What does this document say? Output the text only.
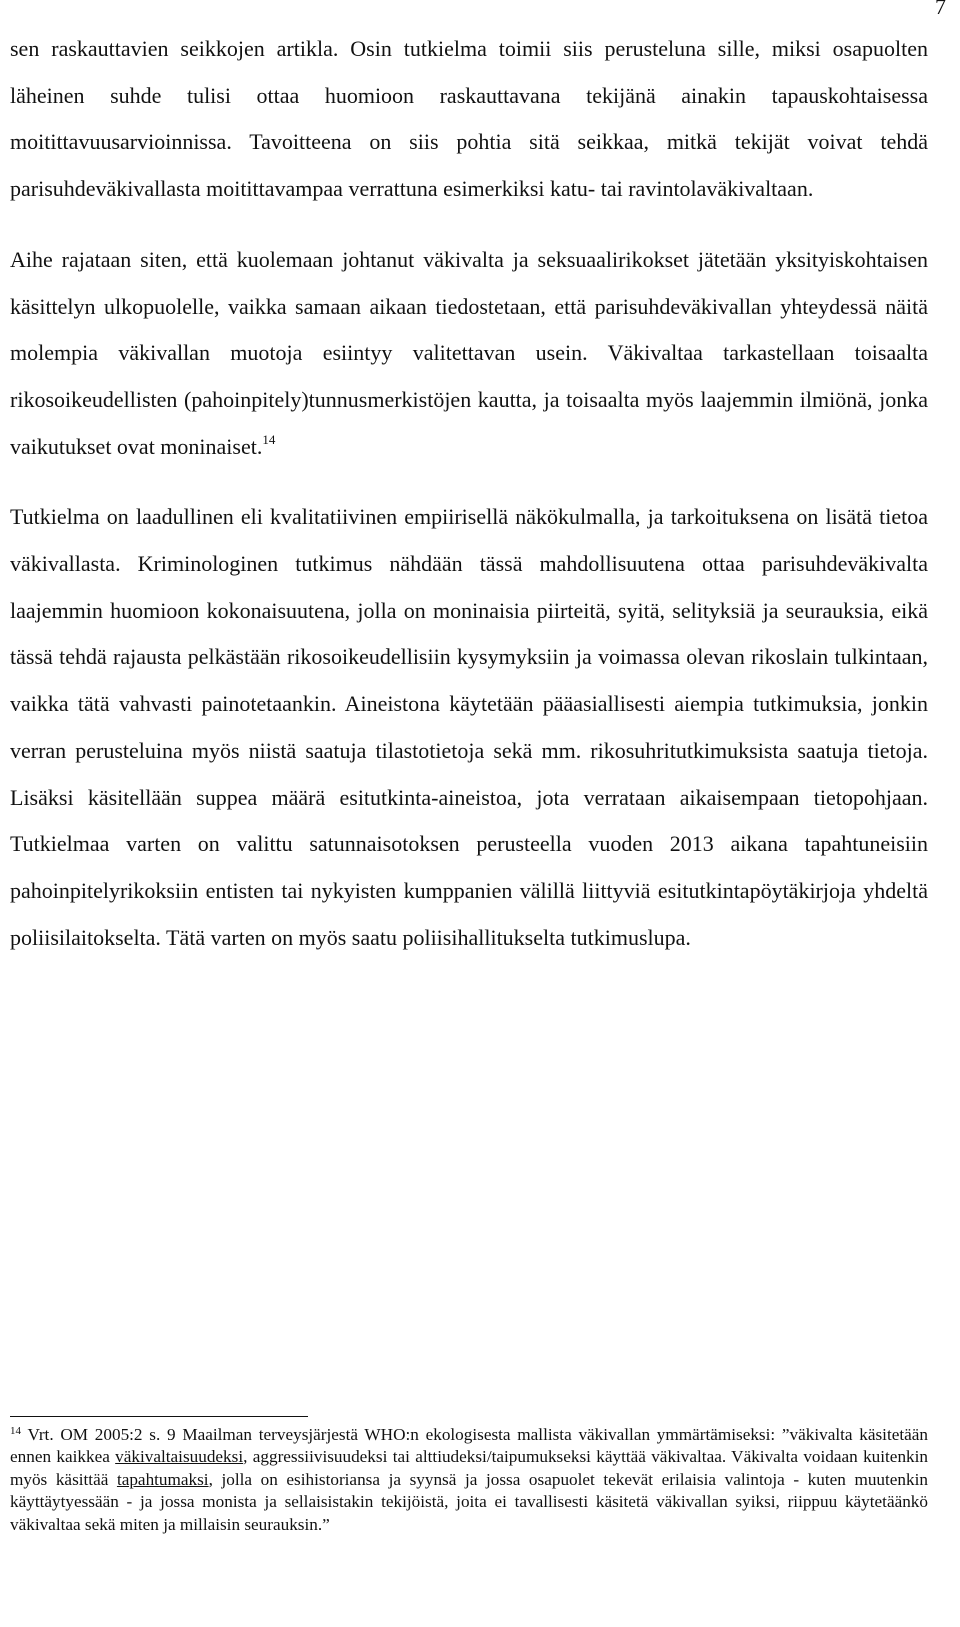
7

sen raskauttavien seikkojen artikla. Osin tutkielma toimii siis perusteluna sille, miksi osapuolten läheinen suhde tulisi ottaa huomioon raskauttavana tekijänä ainakin tapauskohtaisessa moitittavuusarvioinnissa. Tavoitteena on siis pohtia sitä seikkaa, mitkä tekijät voivat tehdä parisuhdeväkivallasta moitittavampaa verrattuna esimerkiksi katu- tai ravintolaväkivaltaan.

Aihe rajataan siten, että kuolemaan johtanut väkivalta ja seksuaalirikokset jätetään yksityiskohtaisen käsittelyn ulkopuolelle, vaikka samaan aikaan tiedostetaan, että parisuhdeväkivallan yhteydessä näitä molempia väkivallan muotoja esiintyy valitettavan usein. Väkivaltaa tarkastellaan toisaalta rikosoikeudellisten (pahoinpitely)tunnusmerkistöjen kautta, ja toisaalta myös laajemmin ilmiönä, jonka vaikutukset ovat moninaiset.$^{14}$

Tutkielma on laadullinen eli kvalitatiivinen empiirisellä näkökulmalla, ja tarkoituksena on lisätä tietoa väkivallasta. Kriminologinen tutkimus nähdään tässä mahdollisuutena ottaa parisuhdeväkivalta laajemmin huomioon kokonaisuutena, jolla on moninaisia piirteitä, syitä, selityksiä ja seurauksia, eikä tässä tehdä rajausta pelkästään rikosoikeudellisiin kysymyksiin ja voimassa olevan rikoslain tulkintaan, vaikka tätä vahvasti painotetaankin. Aineistona käytetään pääasiallisesti aiempia tutkimuksia, jonkin verran perusteluina myös niistä saatuja tilastotietoja sekä mm. rikosuhritutkimuksista saatuja tietoja. Lisäksi käsitellään suppea määrä esitutkinta-aineistoa, jota verrataan aikaisempaan tietopohjaan. Tutkielmaa varten on valittu satunnaisotoksen perusteella vuoden 2013 aikana tapahtuneisiin pahoinpitelyrikoksiin entisten tai nykyisten kumppanien välillä liittyviä esitutkintapöytäkirjoja yhdeltä poliisilaitokselta. Tätä varten on myös saatu poliisihallitukselta tutkimuslupa.

$^{14}$ Vrt. OM 2005:2 s. 9 Maailman terveysjärjestä WHO:n ekologisesta mallista väkivallan ymmärtämiseksi: ”väkivalta käsitetään ennen kaikkea väkivaltaisuudeksi, aggressiivisuudeksi tai alttiudeksi/taipumukseksi käyttää väkivaltaa. Väkivalta voidaan kuitenkin myös käsittää tapahtumaksi, jolla on esihistoriansa ja syynsä ja jossa osapuolet tekevät erilaisia valintoja - kuten muutenkin käyttäytyessään - ja jossa monista ja sellaisistakin tekijöistä, joita ei tavallisesti käsitetä väkivallan syiksi, riippuu käytetäänkö väkivaltaa sekä miten ja millaisin seurauksin.”
